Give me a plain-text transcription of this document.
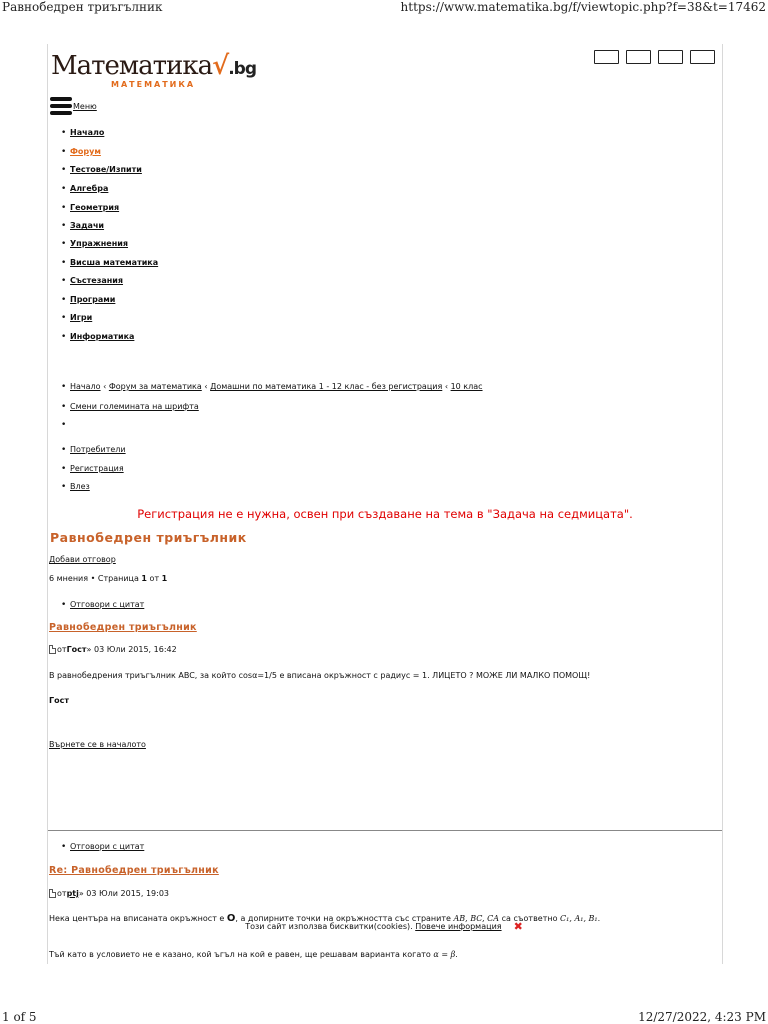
Равнобедрен триъгълник	https://www.matematika.bg/f/viewtopic.php?f=38&t=17462
Математика√.bg
МАТЕМАТИКА
Меню
• Начало
• Форум
• Тестове/Изпити
• Алгебра
• Геометрия
• Задачи
• Упражнения
• Висша математика
• Състезания
• Програми
• Игри
• Информатика
• Начало ‹ Форум за математика ‹ Домашни по математика 1 - 12 клас - без регистрация ‹ 10 клас
• Смени големината на шрифта
• Потребители
• Регистрация
• Влез
Регистрация не е нужна, освен при създаване на тема в "Задача на седмицата".
Равнобедрен триъгълник
Добави отговор
6 мнения • Страница 1 от 1
• Отговори с цитат
Равнобедрен триъгълник
от Гост » 03 Юли 2015, 16:42
В равнобедрения триъгълник ABC, за който cosα=1/5 е вписана окръжност с радиус = 1. ЛИЦЕТО ? МОЖЕ ЛИ МАЛКО ПОМОЩ!
Гост
Върнете се в началото
• Отговори с цитат
Re: Равнобедрен триъгълник
от ptj » 03 Юли 2015, 19:03
Нека центъра на вписаната окръжност е O, а допирните точки на окръжността със страните AB, BC, CA са съответно C₁, A₁, B₁.
Тъй като в условието не е казано, кой ъгъл на кой е равен, ще решавам варианта когато α = β.
Този сайт използва бисквитки(cookies). Повече информация ✖
1 of 5	12/27/2022, 4:23 PM
